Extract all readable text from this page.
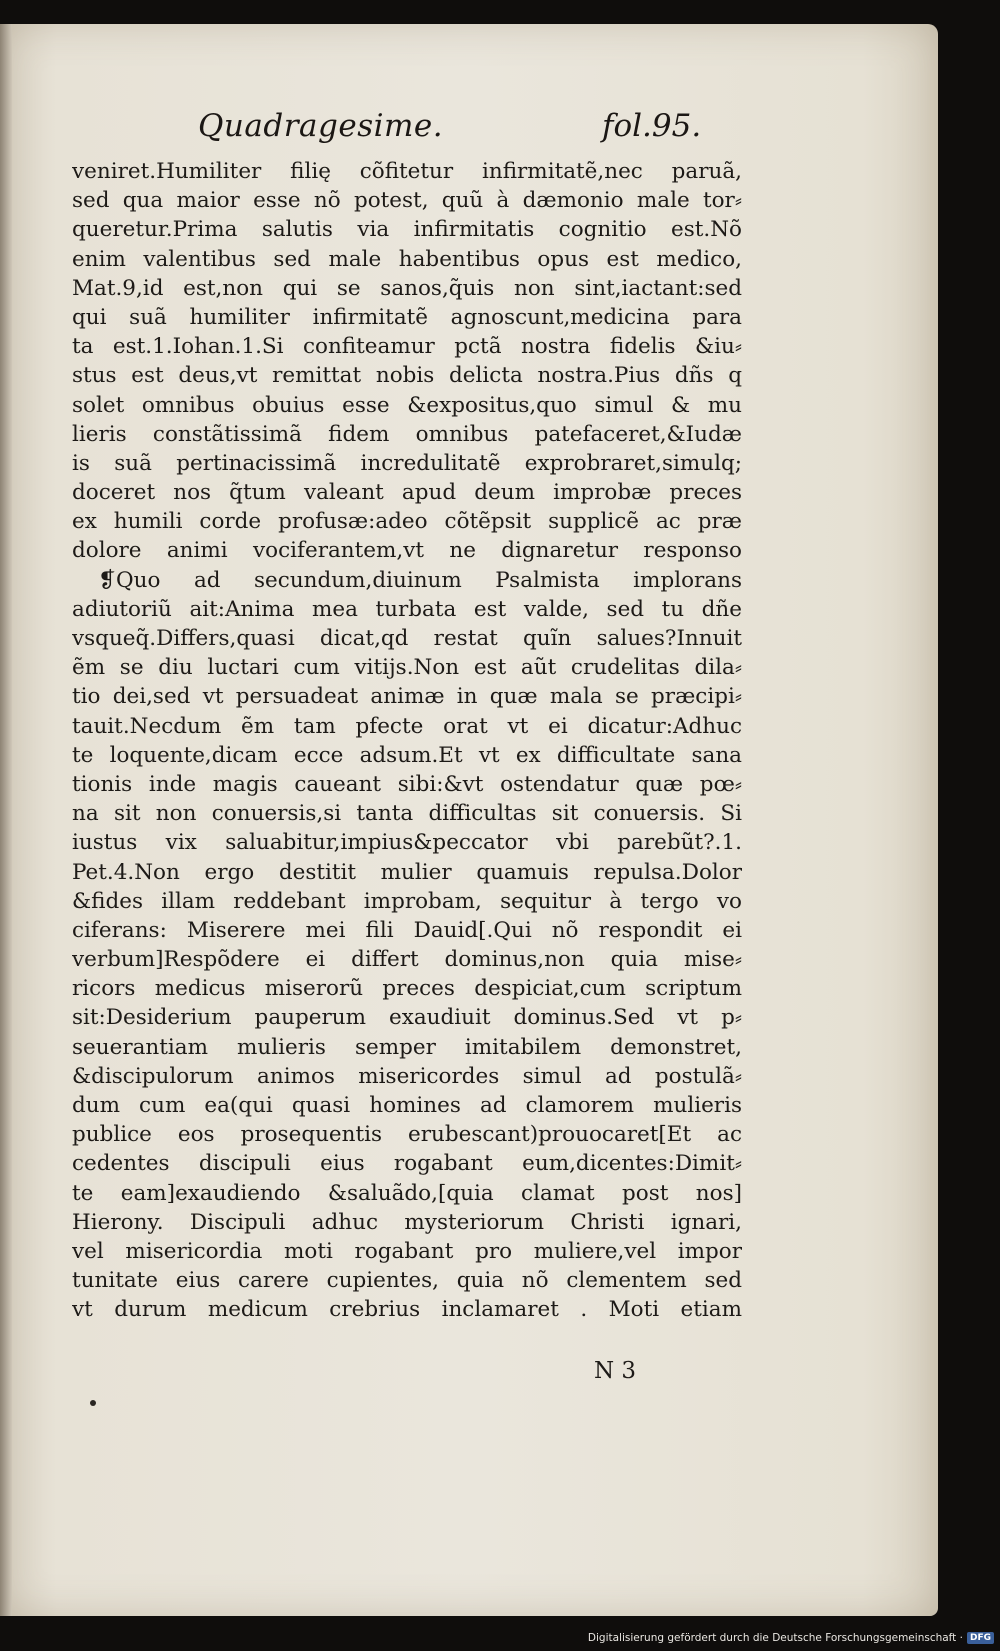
Quadragesime.	fol.95.
veniret.Humiliter filię cõfitetur infirmitatẽ,nec paruã,
sed qua maior esse nõ potest, quũ à dæmonio male tor⸗
queretur.Prima salutis via infirmitatis cognitio est.Nõ
enim valentibus sed male habentibus opus est medico,
Mat.9,id est,non qui se sanos,q̃uis non sint,iactant:sed
qui suã humiliter infirmitatẽ agnoscunt,medicina para
ta est.1.Iohan.1.Si confiteamur pctã nostra fidelis &iu⸗
stus est deus,vt remittat nobis delicta nostra.Pius dñs q
solet omnibus obuius esse &expositus,quo simul & mu
lieris constãtissimã fidem omnibus patefaceret,&Iudæ
is suã pertinacissimã incredulitatẽ exprobraret,simulq;
doceret nos q̃tum valeant apud deum improbæ preces
ex humili corde profusæ:adeo cõtẽpsit supplicẽ ac præ
dolore animi vociferantem,vt ne dignaretur responso
❡Quo ad secundum,diuinum Psalmista implorans
adiutoriũ ait:Anima mea turbata est valde, sed tu dñe
vsqueq̃.Differs,quasi dicat,qd restat quĩn salues?Innuit
ẽm se diu luctari cum vitijs.Non est aũt crudelitas dila⸗
tio dei,sed vt persuadeat animæ in quæ mala se præcipi⸗
tauit.Necdum ẽm tam pfecte orat vt ei dicatur:Adhuc
te loquente,dicam ecce adsum.Et vt ex difficultate sana
tionis inde magis caueant sibi:&vt ostendatur quæ pœ⸗
na sit non conuersis,si tanta difficultas sit conuersis. Si
iustus vix saluabitur,impius&peccator vbi parebũt?.1.
Pet.4.Non ergo destitit mulier quamuis repulsa.Dolor
&fides illam reddebant improbam, sequitur à tergo vo
ciferans: Miserere mei fili Dauid[.Qui nõ respondit ei
verbum]Respõdere ei differt dominus,non quia mise⸗
ricors medicus miserorũ preces despiciat,cum scriptum
sit:Desiderium pauperum exaudiuit dominus.Sed vt p⸗
seuerantiam mulieris semper imitabilem demonstret,
&discipulorum animos misericordes simul ad postulã⸗
dum cum ea(qui quasi homines ad clamorem mulieris
publice eos prosequentis erubescant)prouocaret[Et ac
cedentes discipuli eius rogabant eum,dicentes:Dimit⸗
te eam]exaudiendo &saluãdo,[quia clamat post nos]
Hierony. Discipuli adhuc mysteriorum Christi ignari,
vel misericordia moti rogabant pro muliere,vel impor
tunitate eius carere cupientes, quia nõ clementem sed
vt durum medicum crebrius inclamaret . Moti etiam
N 3
Digitalisierung gefördert durch die Deutsche Forschungsgemeinschaft · DFG
